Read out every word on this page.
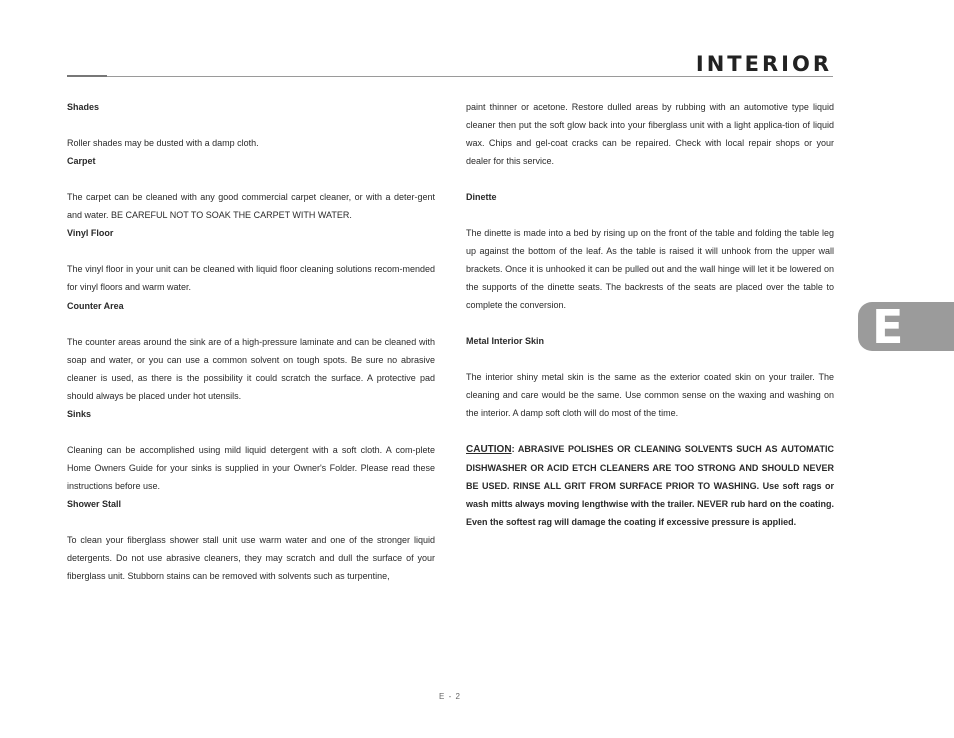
INTERIOR

Shades

Roller shades may be dusted with a damp cloth.

Carpet

The carpet can be cleaned with any good commercial carpet cleaner, or with a deter-gent and water. BE CAREFUL NOT TO SOAK THE CARPET WITH WATER.

Vinyl Floor

The vinyl floor in your unit can be cleaned with liquid floor cleaning solutions recom-mended for vinyl floors and warm water.

Counter Area

The counter areas around the sink are of a high-pressure laminate and can be cleaned with soap and water, or you can use a common solvent on tough spots. Be sure no abrasive cleaner is used, as there is the possibility it could scratch the surface. A protective pad should always be placed under hot utensils.

Sinks

Cleaning can be accomplished using mild liquid detergent with a soft cloth. A com-plete Home Owners Guide for your sinks is supplied in your Owner's Folder. Please read these instructions before use.

Shower Stall

To clean your fiberglass shower stall unit use warm water and one of the stronger liquid detergents. Do not use abrasive cleaners, they may scratch and dull the surface of your fiberglass unit. Stubborn stains can be removed with solvents such as turpentine,

paint thinner or acetone. Restore dulled areas by rubbing with an automotive type liquid cleaner then put the soft glow back into your fiberglass unit with a light applica-tion of liquid wax. Chips and gel-coat cracks can be repaired. Check with local repair shops or your dealer for this service.

Dinette

The dinette is made into a bed by rising up on the front of the table and folding the table leg up against the bottom of the leaf. As the table is raised it will unhook from the upper wall brackets. Once it is unhooked it can be pulled out and the wall hinge will let it be lowered on the supports of the dinette seats. The backrests of the seats are placed over the table to complete the conversion.

Metal Interior Skin

The interior shiny metal skin is the same as the exterior coated skin on your trailer. The cleaning and care would be the same. Use common sense on the waxing and washing on the interior. A damp soft cloth will do most of the time.

CAUTION: ABRASIVE POLISHES OR CLEANING SOLVENTS SUCH AS AUTOMATIC DISHWASHER OR ACID ETCH CLEANERS ARE TOO STRONG AND SHOULD NEVER BE USED. RINSE ALL GRIT FROM SURFACE PRIOR TO WASHING. Use soft rags or wash mitts always moving lengthwise with the trailer. NEVER rub hard on the coating. Even the softest rag will damage the coating if excessive pressure is applied.

E
E - 2
